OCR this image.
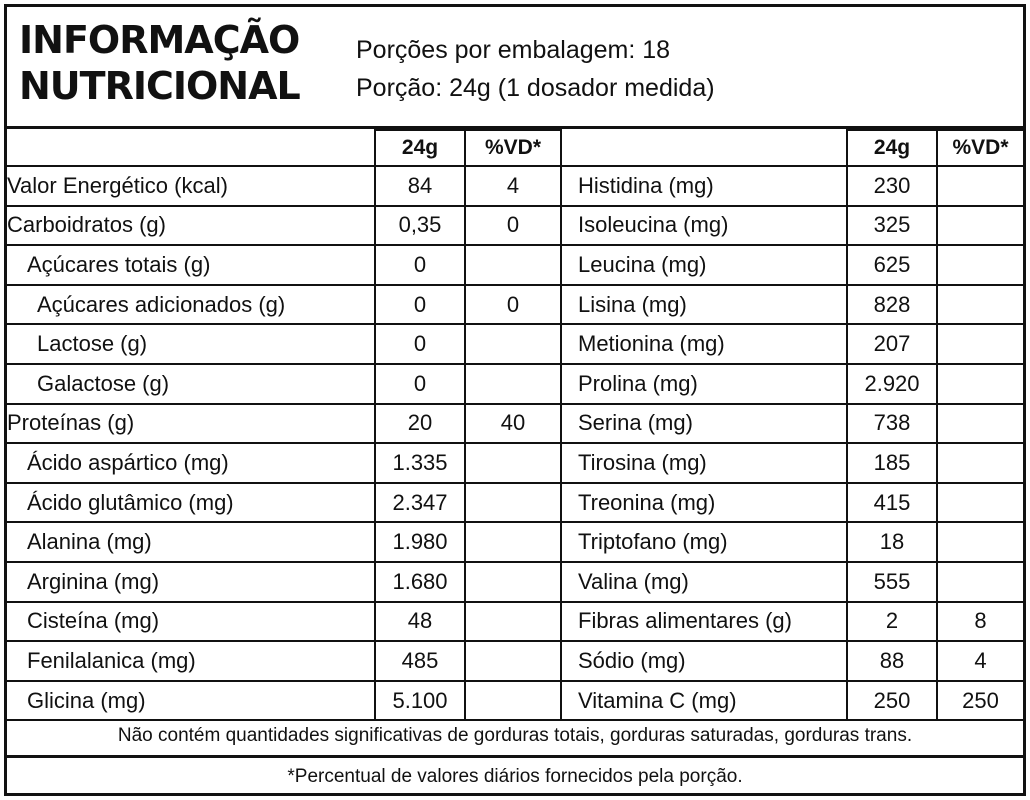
INFORMAÇÃO
NUTRICIONAL
Porções por embalagem: 18
Porção: 24g (1 dosador medida)
	24g	%VD*		24g	%VD*
Valor Energético (kcal)	84	4	Histidina (mg)	230	
Carboidratos (g)	0,35	0	Isoleucina (mg)	325	
Açúcares totais (g)	0		Leucina (mg)	625	
Açúcares adicionados (g)	0	0	Lisina (mg)	828	
Lactose (g)	0		Metionina (mg)	207	
Galactose (g)	0		Prolina (mg)	2.920	
Proteínas (g)	20	40	Serina (mg)	738	
Ácido aspártico (mg)	1.335		Tirosina (mg)	185	
Ácido glutâmico (mg)	2.347		Treonina (mg)	415	
Alanina (mg)	1.980		Triptofano (mg)	18	
Arginina (mg)	1.680		Valina (mg)	555	
Cisteína (mg)	48		Fibras alimentares (g)	2	8
Fenilalanica (mg)	485		Sódio (mg)	88	4
Glicina (mg)	5.100		Vitamina C (mg)	250	250
Não contém quantidades significativas de gorduras totais, gorduras saturadas, gorduras trans.
*Percentual de valores diários fornecidos pela porção.
